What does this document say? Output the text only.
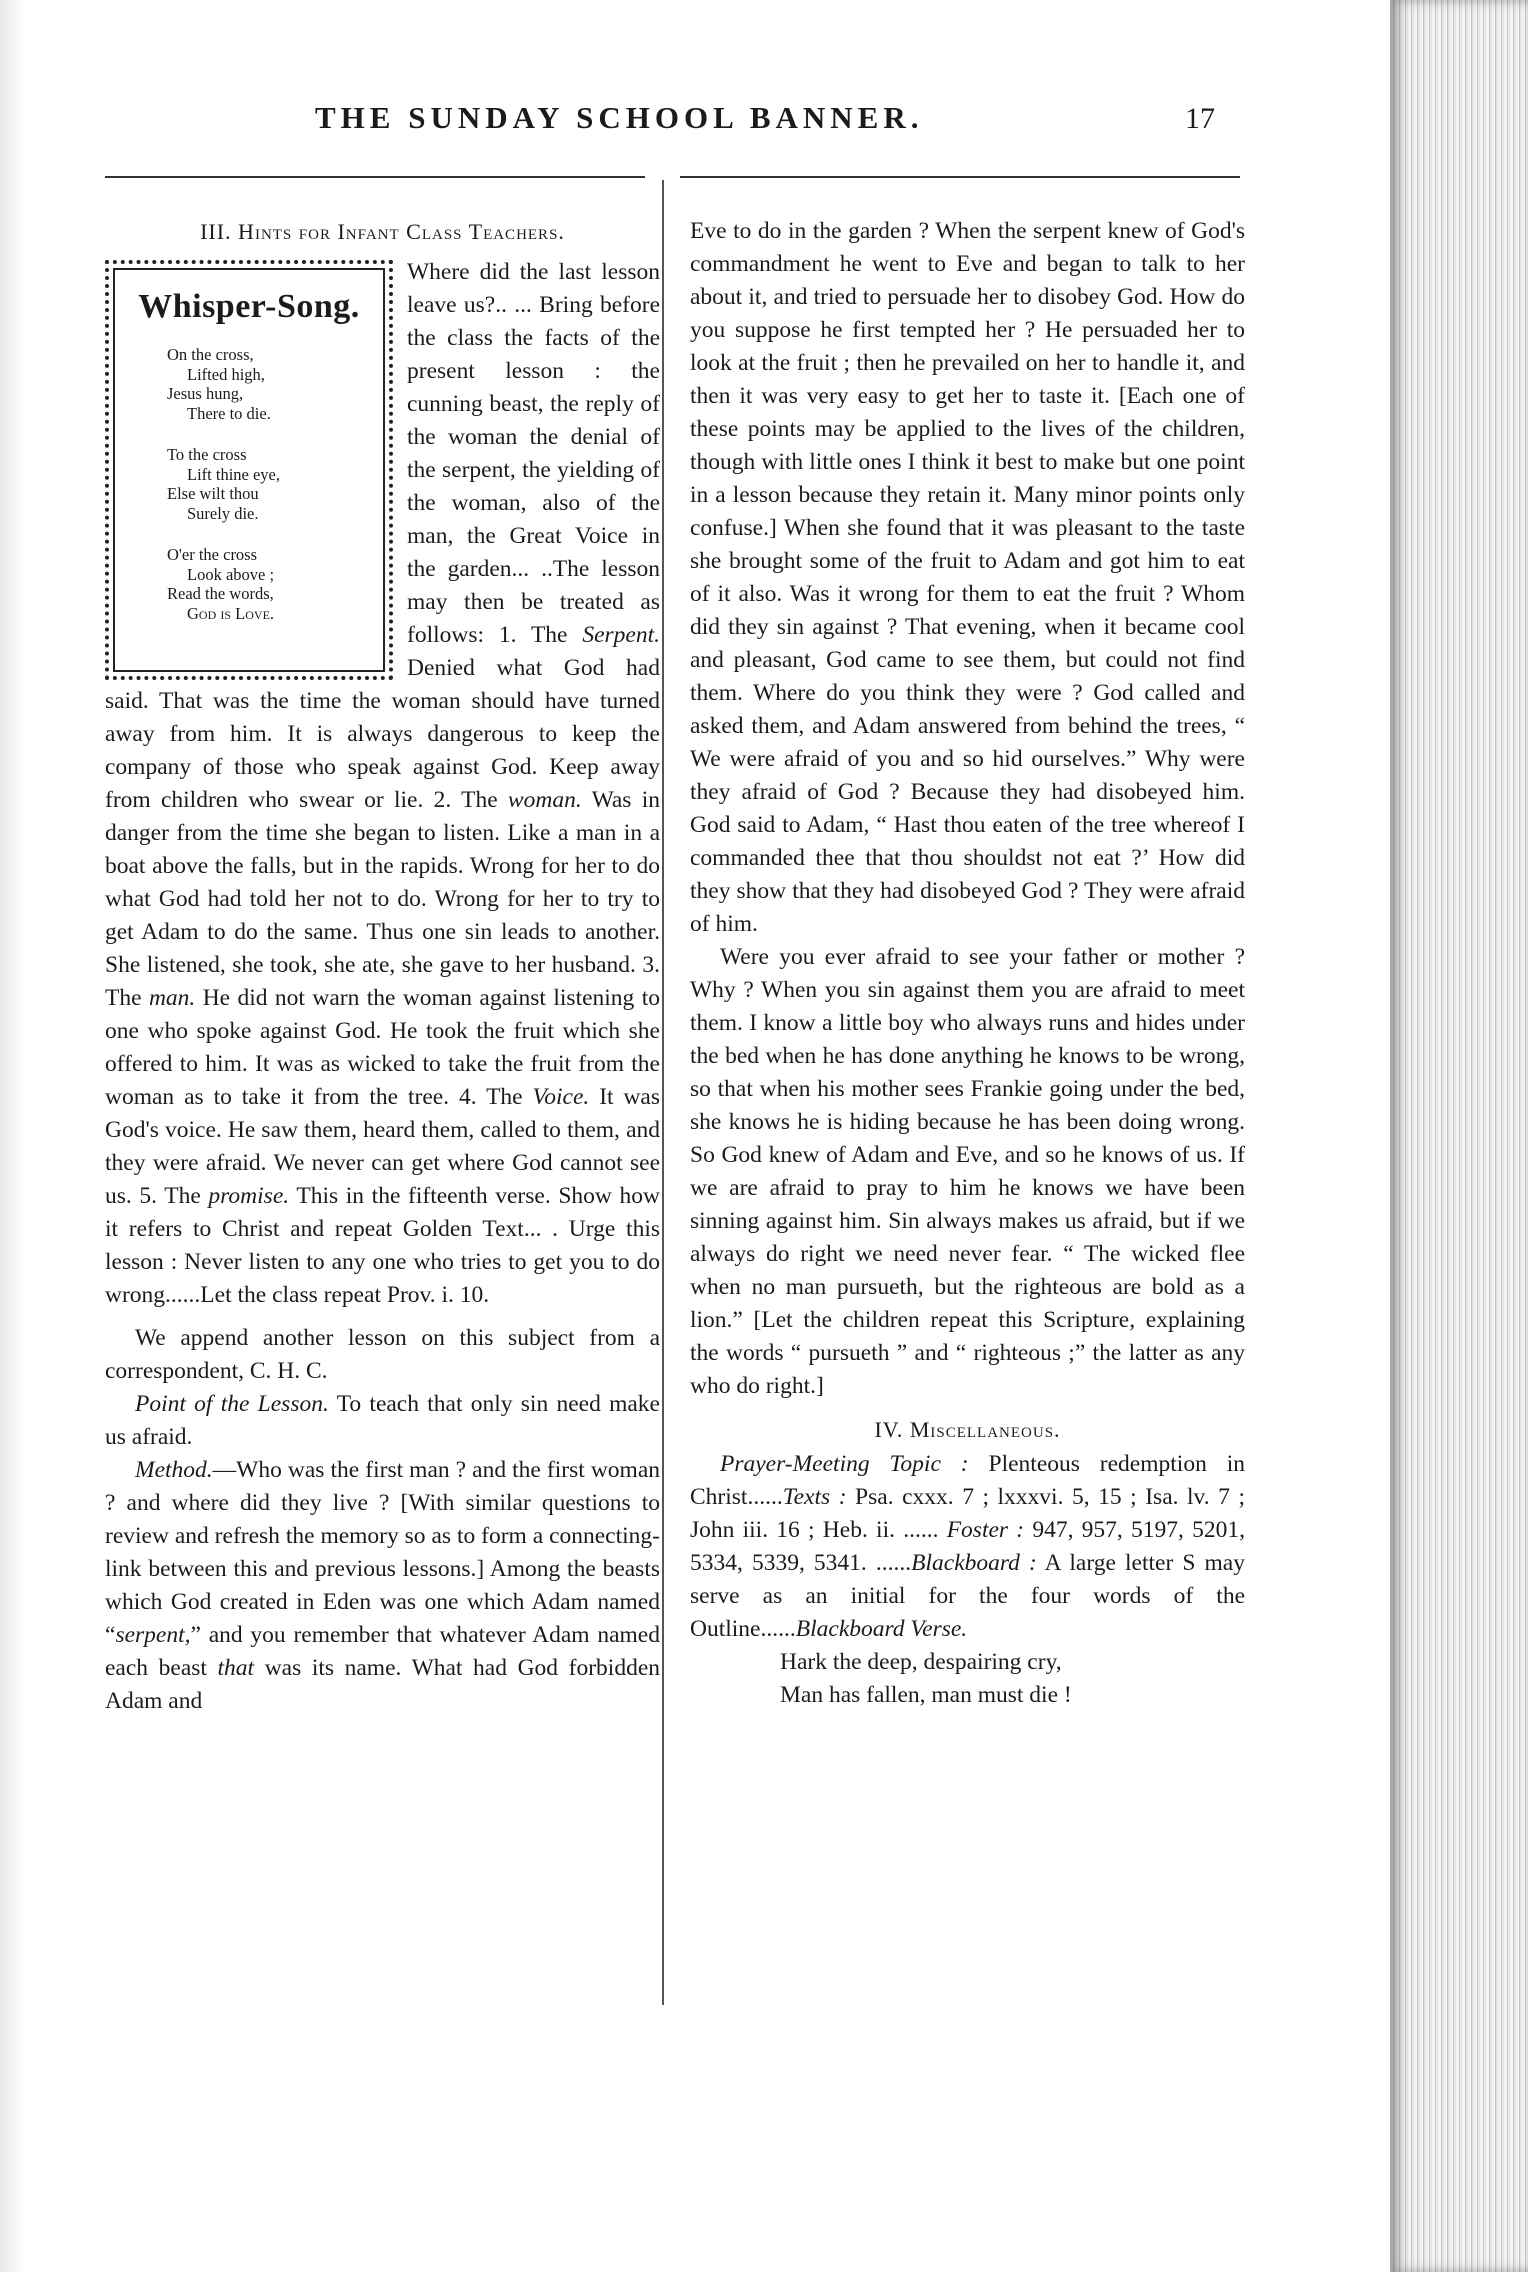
THE SUNDAY SCHOOL BANNER.	17
III. Hints for Infant Class Teachers.
Whisper-Song.
On the cross,
Lifted high,
Jesus hung,
There to die.
To the cross
Lift thine eye,
Else wilt thou
Surely die.
O'er the cross
Look above ;
Read the words,
God is Love.

Where did the last lesson leave us?.. ... Bring before the class the facts of the present lesson : the cunning beast, the reply of the woman the denial of the serpent, the yielding of the woman, also of the man, the Great Voice in the garden... ..The lesson may then be treated as follows: 1. The Serpent. Denied what God had said. That was the time the woman should have turned away from him. It is always dangerous to keep the company of those who speak against God. Keep away from children who swear or lie. 2. The woman. Was in danger from the time she began to listen. Like a man in a boat above the falls, but in the rapids. Wrong for her to do what God had told her not to do. Wrong for her to try to get Adam to do the same. Thus one sin leads to another. She listened, she took, she ate, she gave to her husband. 3. The man. He did not warn the woman against listening to one who spoke against God. He took the fruit which she offered to him. It was as wicked to take the fruit from the woman as to take it from the tree. 4. The Voice. It was God's voice. He saw them, heard them, called to them, and they were afraid. We never can get where God cannot see us. 5. The promise. This in the fifteenth verse. Show how it refers to Christ and repeat Golden Text... . Urge this lesson : Never listen to any one who tries to get you to do wrong......Let the class repeat Prov. i. 10.

We append another lesson on this subject from a correspondent, C. H. C.

Point of the Lesson. To teach that only sin need make us afraid.

Method.—Who was the first man ? and the first woman ? and where did they live ? [With similar questions to review and refresh the memory so as to form a connecting-link between this and previous lessons.] Among the beasts which God created in Eden was one which Adam named “serpent,” and you remember that whatever Adam named each beast that was its name. What had God forbidden Adam and

Eve to do in the garden ? When the serpent knew of God's commandment he went to Eve and began to talk to her about it, and tried to persuade her to disobey God. How do you suppose he first tempted her ? He persuaded her to look at the fruit ; then he prevailed on her to handle it, and then it was very easy to get her to taste it. [Each one of these points may be applied to the lives of the children, though with little ones I think it best to make but one point in a lesson because they retain it. Many minor points only confuse.] When she found that it was pleasant to the taste she brought some of the fruit to Adam and got him to eat of it also. Was it wrong for them to eat the fruit ? Whom did they sin against ? That evening, when it became cool and pleasant, God came to see them, but could not find them. Where do you think they were ? God called and asked them, and Adam answered from behind the trees, “ We were afraid of you and so hid ourselves.” Why were they afraid of God ? Because they had disobeyed him. God said to Adam, “ Hast thou eaten of the tree whereof I commanded thee that thou shouldst not eat ?’ How did they show that they had disobeyed God ? They were afraid of him.

Were you ever afraid to see your father or mother ? Why ? When you sin against them you are afraid to meet them. I know a little boy who always runs and hides under the bed when he has done anything he knows to be wrong, so that when his mother sees Frankie going under the bed, she knows he is hiding because he has been doing wrong. So God knew of Adam and Eve, and so he knows of us. If we are afraid to pray to him he knows we have been sinning against him. Sin always makes us afraid, but if we always do right we need never fear. “ The wicked flee when no man pursueth, but the righteous are bold as a lion.” [Let the children repeat this Scripture, explaining the words “ pursueth ” and “ righteous ;” the latter as any who do right.]

IV. Miscellaneous.

Prayer-Meeting Topic : Plenteous redemption in Christ......Texts : Psa. cxxx. 7 ; lxxxvi. 5, 15 ; Isa. lv. 7 ; John iii. 16 ; Heb. ii. ...... Foster : 947, 957, 5197, 5201, 5334, 5339, 5341. ......Blackboard : A large letter S may serve as an initial for the four words of the Outline......Blackboard Verse.

Hark the deep, despairing cry,

Man has fallen, man must die !
